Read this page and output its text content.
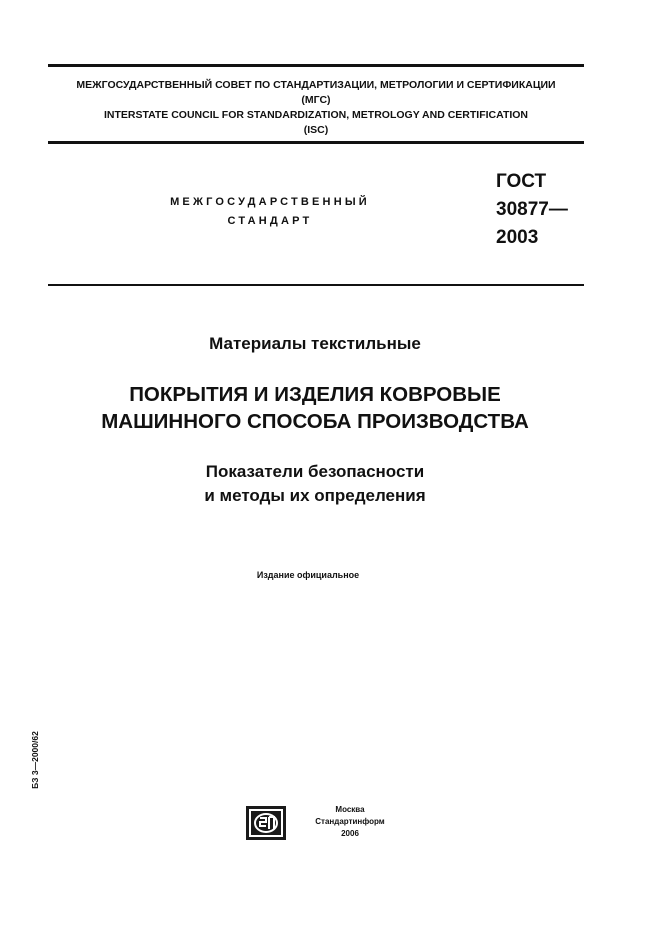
МЕЖГОСУДАРСТВЕННЫЙ СОВЕТ ПО СТАНДАРТИЗАЦИИ, МЕТРОЛОГИИ И СЕРТИФИКАЦИИ
(МГС)
INTERSTATE COUNCIL FOR STANDARDIZATION, METROLOGY AND CERTIFICATION
(ISC)
МЕЖГОСУДАРСТВЕННЫЙ
СТАНДАРТ
ГОСТ
30877—
2003
Материалы текстильные
ПОКРЫТИЯ И ИЗДЕЛИЯ КОВРОВЫЕ
МАШИННОГО СПОСОБА ПРОИЗВОДСТВА
Показатели безопасности
и методы их определения
Издание официальное
БЗ 3—2000/62
Москва
Стандартинформ
2006
